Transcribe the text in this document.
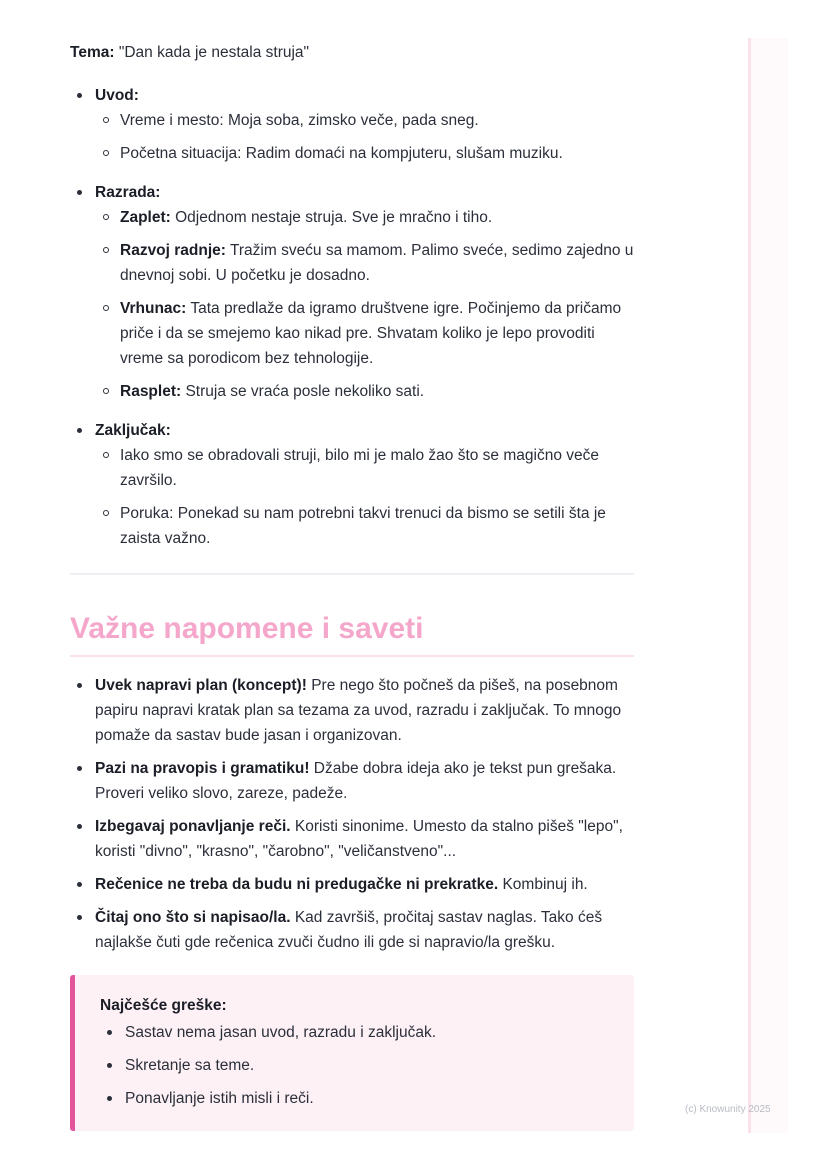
Tema: "Dan kada je nestala struja"

Uvod:
Vreme i mesto: Moja soba, zimsko veče, pada sneg.
Početna situacija: Radim domaći na kompjuteru, slušam muziku.
Razrada:
Zaplet: Odjednom nestaje struja. Sve je mračno i tiho.
Razvoj radnje: Tražim sveću sa mamom. Palimo sveće, sedimo zajedno u dnevnoj sobi. U početku je dosadno.
Vrhunac: Tata predlaže da igramo društvene igre. Počinjemo da pričamo priče i da se smejemo kao nikad pre. Shvatam koliko je lepo provoditi vreme sa porodicom bez tehnologije.
Rasplet: Struja se vraća posle nekoliko sati.
Zaključak:
Iako smo se obradovali struji, bilo mi je malo žao što se magično veče završilo.
Poruka: Ponekad su nam potrebni takvi trenuci da bismo se setili šta je zaista važno.
Važne napomene i saveti
Uvek napravi plan (koncept)! Pre nego što počneš da pišeš, na posebnom papiru napravi kratak plan sa tezama za uvod, razradu i zaključak. To mnogo pomaže da sastav bude jasan i organizovan.
Pazi na pravopis i gramatiku! Džabe dobra ideja ako je tekst pun grešaka. Proveri veliko slovo, zareze, padeže.
Izbegavaj ponavljanje reči. Koristi sinonime. Umesto da stalno pišeš "lepo", koristi "divno", "krasno", "čarobno", "veličanstveno"...
Rečenice ne treba da budu ni predugačke ni prekratke. Kombinuj ih.
Čitaj ono što si napisao/la. Kad završiš, pročitaj sastav naglas. Tako ćeš najlakše čuti gde rečenica zvuči čudno ili gde si napravio/la grešku.
Najčešće greške:
Sastav nema jasan uvod, razradu i zaključak.
Skretanje sa teme.
Ponavljanje istih misli i reči.
(c) Knowunity 2025
